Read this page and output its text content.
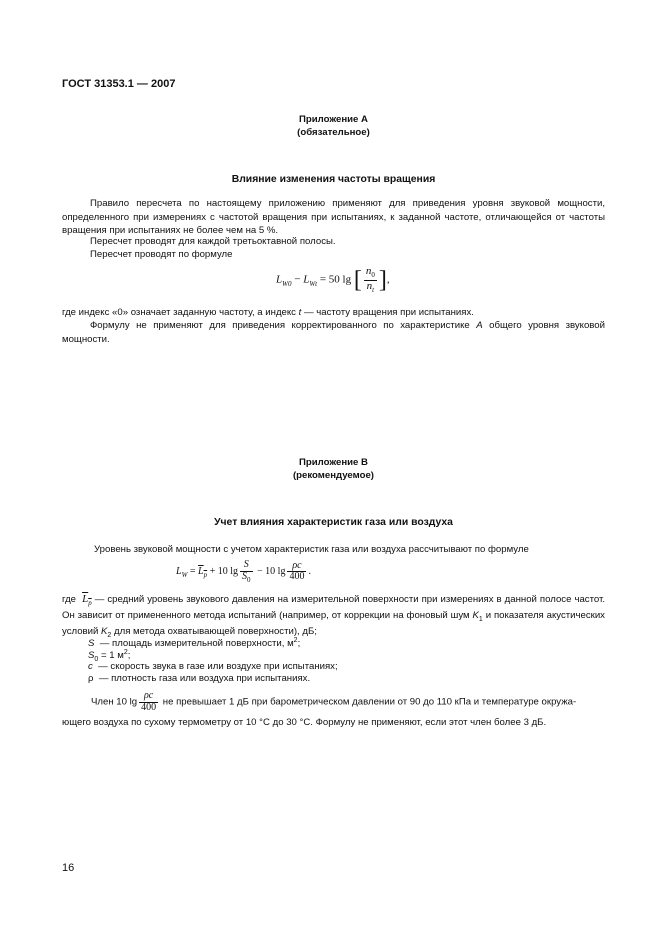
ГОСТ 31353.1 — 2007
Приложение А
(обязательное)
Влияние изменения частоты вращения
Правило пересчета по настоящему приложению применяют для приведения уровня звуковой мощности, определенного при измерениях с частотой вращения при испытаниях, к заданной частоте, отличающейся от частоты вращения при испытаниях не более чем на 5 %.
Пересчет проводят для каждой третьоктавной полосы.
Пересчет проводят по формуле
$L_{W0} - L_{Wt} = 50$ lg [ $\frac{n_0}{n_t}$ ],
где индекс «0» означает заданную частоту, а индекс t — частоту вращения при испытаниях.
Формулу не применяют для приведения корректированного по характеристике А общего уровня звуковой мощности.
Приложение В
(рекомендуемое)
Учет влияния характеристик газа или воздуха
Уровень звуковой мощности с учетом характеристик газа или воздуха рассчитывают по формуле
$L_W = L_p + 10$ $\lg \frac{S}{S_0} - 10$ $\lg \frac{\rho c}{400}$ .
где $L_p$ — средний уровень звукового давления на измерительной поверхности при измерениях в данной полосе частот. Он зависит от примененного метода испытаний (например, от коррекции на фоновый шум $K_1$ и показателя акустических условий $K_2$ для метода охватывающей поверхности), дБ;
S — площадь измерительной поверхности, $м^2$;
$S_0 = 1$ $м^2$;
c — скорость звука в газе или воздухе при испытаниях;
ρ — плотность газа или воздуха при испытаниях.
Член 10 $\lg \frac{\rho c}{400}$ не превышает 1 дБ при барометрическом давлении от 90 до 110 кПа и температуре окружа-
ющего воздуха по сухому термометру от 10 °С до 30 °С. Формулу не применяют, если этот член более 3 дБ.
16
